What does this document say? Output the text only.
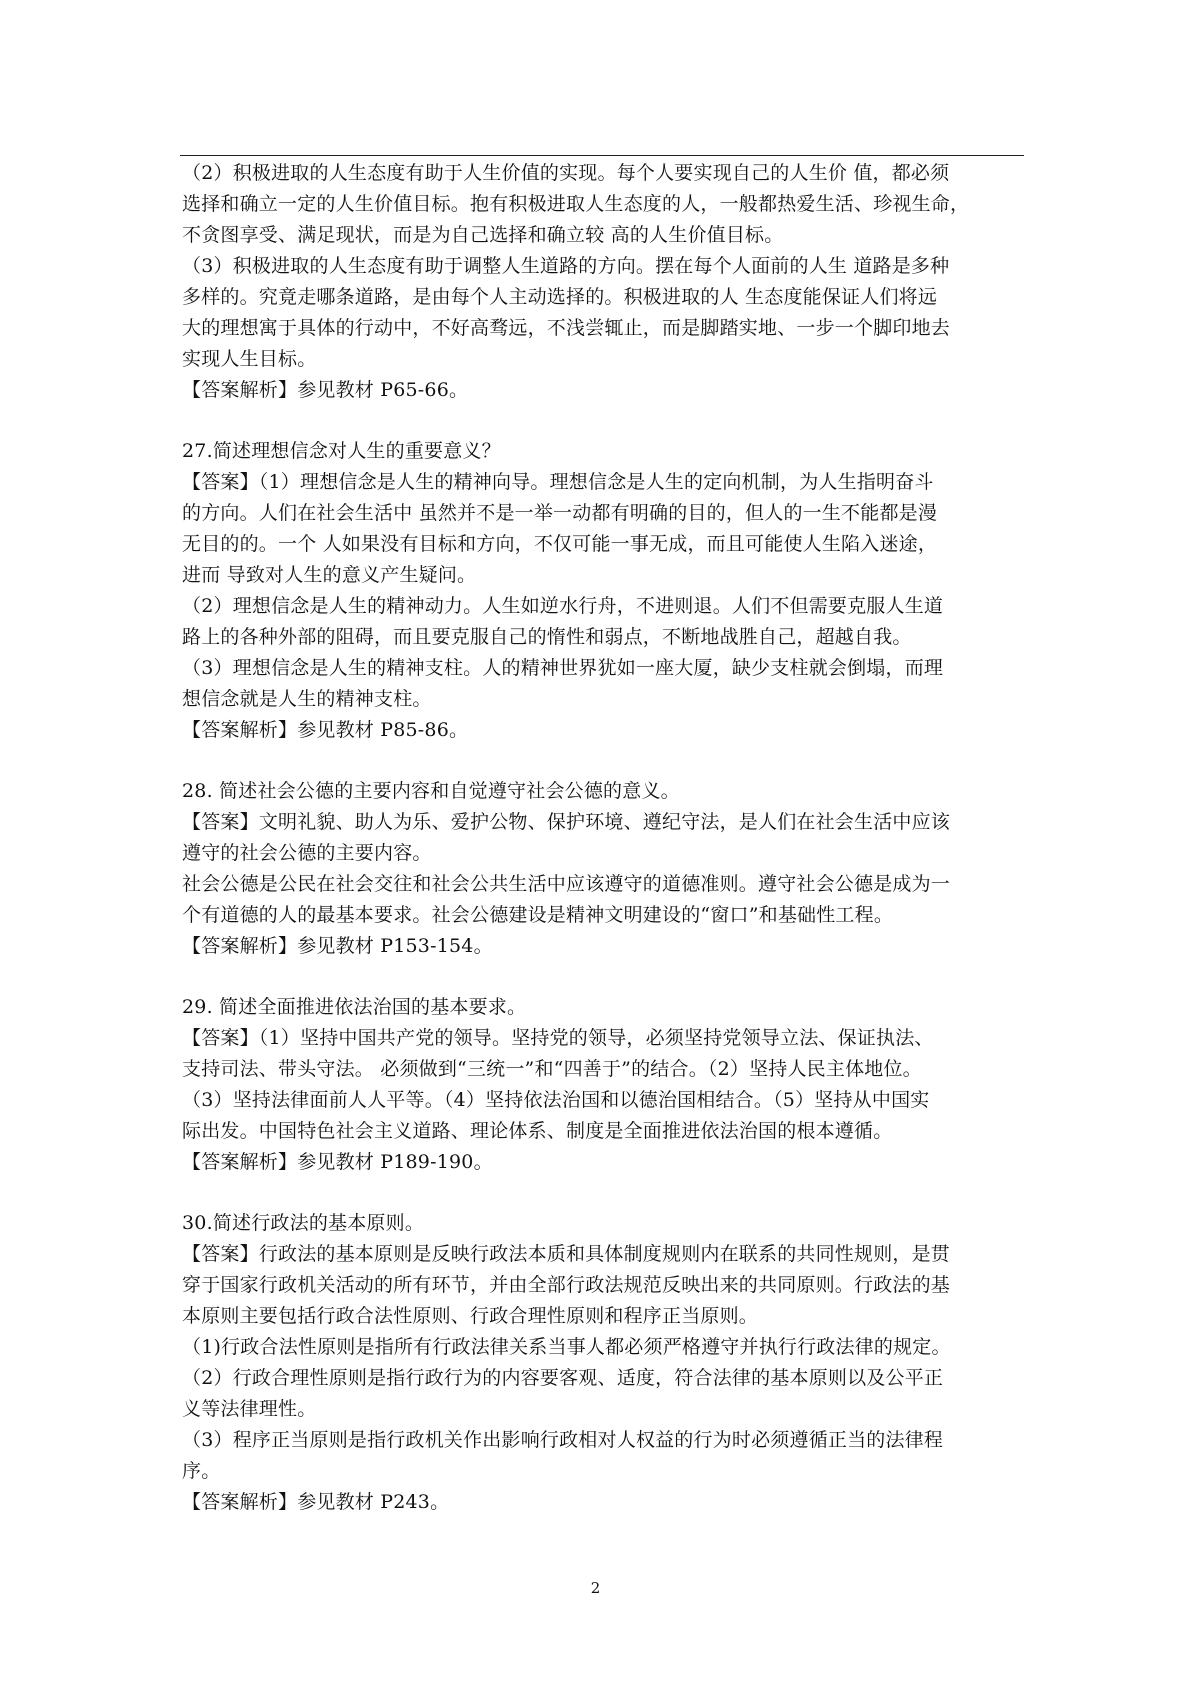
（2）积极进取的人生态度有助于人生价值的实现。每个人要实现自己的人生价 值，都必须
选择和确立一定的人生价值目标。抱有积极进取人生态度的人，一般都热爱生活、珍视生命，
不贪图享受、满足现状，而是为自己选择和确立较 高的人生价值目标。
（3）积极进取的人生态度有助于调整人生道路的方向。摆在每个人面前的人生 道路是多种
多样的。究竟走哪条道路，是由每个人主动选择的。积极进取的人 生态度能保证人们将远
大的理想寓于具体的行动中，不好高骛远，不浅尝辄止，而是脚踏实地、一步一个脚印地去
实现人生目标。
【答案解析】参见教材 P65-66。
27.简述理想信念对人生的重要意义？
【答案】（1）理想信念是人生的精神向导。理想信念是人生的定向机制，为人生指明奋斗
的方向。人们在社会生活中 虽然并不是一举一动都有明确的目的，但人的一生不能都是漫
无目的的。一个 人如果没有目标和方向，不仅可能一事无成，而且可能使人生陷入迷途，
进而 导致对人生的意义产生疑问。
（2）理想信念是人生的精神动力。人生如逆水行舟，不进则退。人们不但需要克服人生道
路上的各种外部的阻碍，而且要克服自己的惰性和弱点，不断地战胜自己，超越自我。
（3）理想信念是人生的精神支柱。人的精神世界犹如一座大厦，缺少支柱就会倒塌，而理
想信念就是人生的精神支柱。
【答案解析】参见教材 P85-86。
28. 简述社会公德的主要内容和自觉遵守社会公德的意义。
【答案】文明礼貌、助人为乐、爱护公物、保护环境、遵纪守法，是人们在社会生活中应该
遵守的社会公德的主要内容。
社会公德是公民在社会交往和社会公共生活中应该遵守的道德准则。遵守社会公德是成为一
个有道德的人的最基本要求。社会公德建设是精神文明建设的“窗口”和基础性工程。
【答案解析】参见教材 P153-154。
29. 简述全面推进依法治国的基本要求。
【答案】（1）坚持中国共产党的领导。坚持党的领导，必须坚持党领导立法、保证执法、
支持司法、带头守法。 必须做到“三统一”和“四善于”的结合。（2）坚持人民主体地位。
（3）坚持法律面前人人平等。（4）坚持依法治国和以德治国相结合。（5）坚持从中国实
际出发。中国特色社会主义道路、理论体系、制度是全面推进依法治国的根本遵循。
【答案解析】参见教材 P189-190。
30.简述行政法的基本原则。
【答案】行政法的基本原则是反映行政法本质和具体制度规则内在联系的共同性规则，是贯
穿于国家行政机关活动的所有环节，并由全部行政法规范反映出来的共同原则。行政法的基
本原则主要包括行政合法性原则、行政合理性原则和程序正当原则。
（1)行政合法性原则是指所有行政法律关系当事人都必须严格遵守并执行行政法律的规定。
（2）行政合理性原则是指行政行为的内容要客观、适度，符合法律的基本原则以及公平正
义等法律理性。
（3）程序正当原则是指行政机关作出影响行政相对人权益的行为时必须遵循正当的法律程
序。
【答案解析】参见教材 P243。
2
